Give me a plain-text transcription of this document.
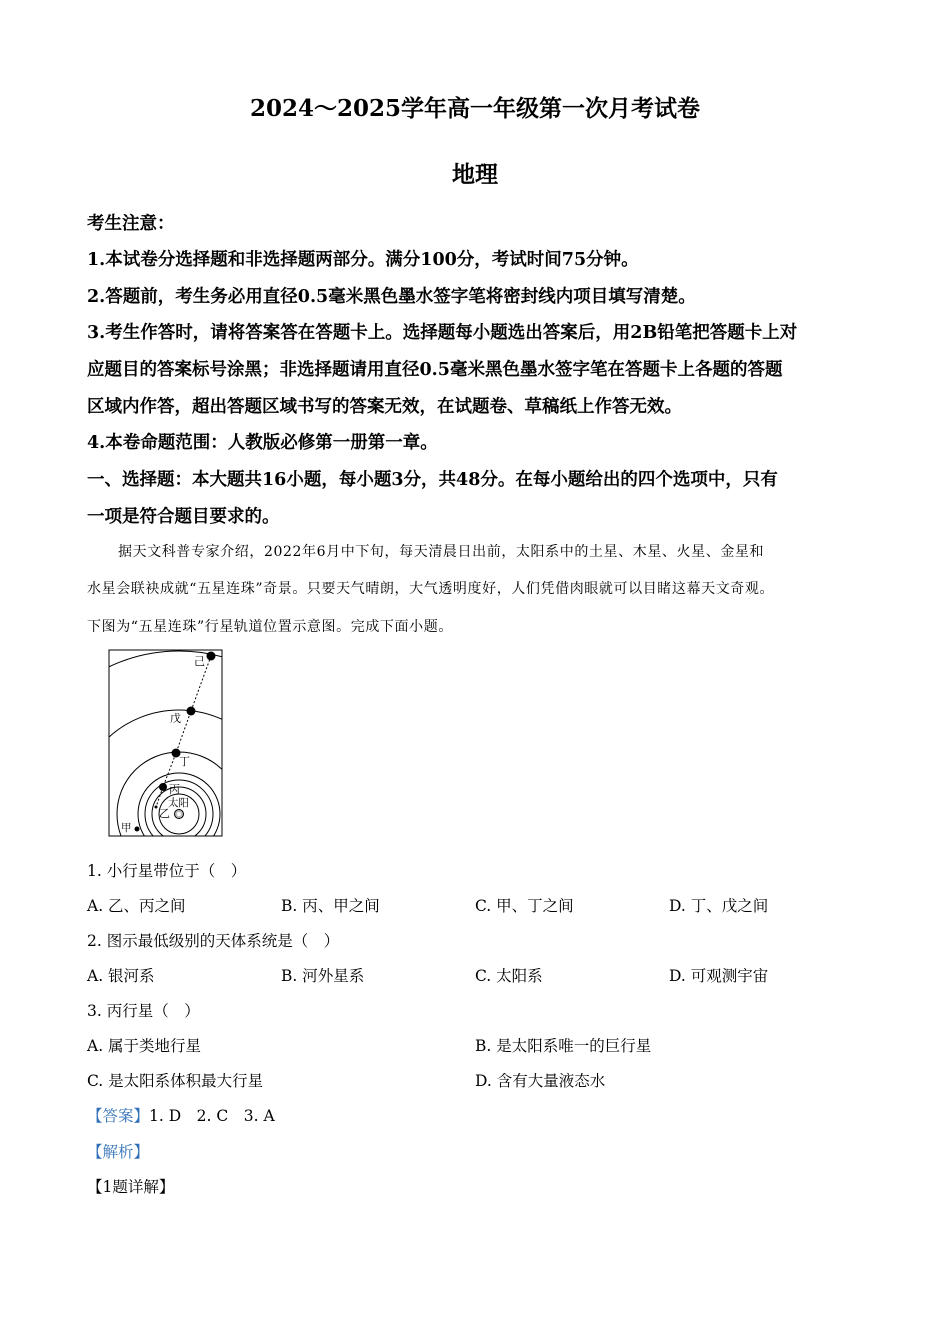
2024～2025学年高一年级第一次月考试卷
地理
考生注意：
1.本试卷分选择题和非选择题两部分。满分100分，考试时间75分钟。
2.答题前，考生务必用直径0.5毫米黑色墨水签字笔将密封线内项目填写清楚。
3.考生作答时，请将答案答在答题卡上。选择题每小题选出答案后，用2B铅笔把答题卡上对
应题目的答案标号涂黑；非选择题请用直径0.5毫米黑色墨水签字笔在答题卡上各题的答题
区域内作答，超出答题区域书写的答案无效，在试题卷、草稿纸上作答无效。
4.本卷命题范围：人教版必修第一册第一章。
一、选择题：本大题共16小题，每小题3分，共48分。在每小题给出的四个选项中，只有
一项是符合题目要求的。
据天文科普专家介绍，2022年6月中下旬，每天清晨日出前，太阳系中的土星、木星、火星、金星和
水星会联袂成就“五星连珠”奇景。只要天气晴朗，大气透明度好，人们凭借肉眼就可以目睹这幕天文奇观。
下图为“五星连珠”行星轨道位置示意图。完成下面小题。
己
戊
丁
丙
太阳
乙
甲
1. 小行星带位于（　）
A. 乙、丙之间	B. 丙、甲之间	C. 甲、丁之间	D. 丁、戊之间
2. 图示最低级别的天体系统是（　）
A. 银河系	B. 河外星系	C. 太阳系	D. 可观测宇宙
3. 丙行星（　）
A. 属于类地行星	B. 是太阳系唯一的巨行星
C. 是太阳系体积最大行星	D. 含有大量液态水
【答案】1. D　2. C　3. A
【解析】
【1题详解】
